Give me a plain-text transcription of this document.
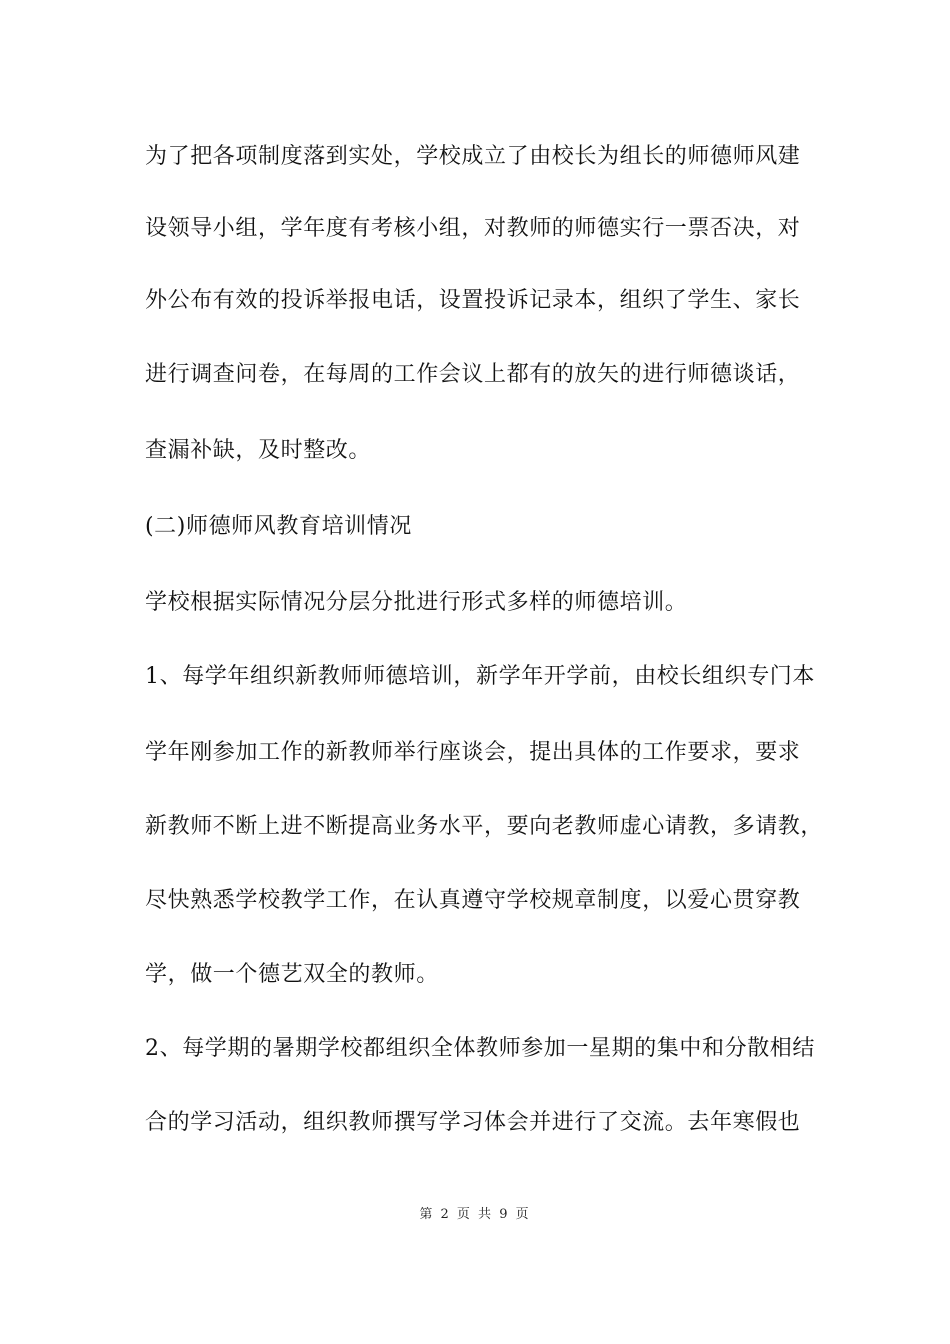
为了把各项制度落到实处，学校成立了由校长为组长的师德师风建
设领导小组，学年度有考核小组，对教师的师德实行一票否决，对
外公布有效的投诉举报电话，设置投诉记录本，组织了学生、家长
进行调查问卷，在每周的工作会议上都有的放矢的进行师德谈话，
查漏补缺，及时整改。
(二)师德师风教育培训情况
学校根据实际情况分层分批进行形式多样的师德培训。
1、每学年组织新教师师德培训，新学年开学前，由校长组织专门本
学年刚参加工作的新教师举行座谈会，提出具体的工作要求，要求
新教师不断上进不断提高业务水平，要向老教师虚心请教，多请教，
尽快熟悉学校教学工作，在认真遵守学校规章制度，以爱心贯穿教
学，做一个德艺双全的教师。
2、每学期的暑期学校都组织全体教师参加一星期的集中和分散相结
合的学习活动，组织教师撰写学习体会并进行了交流。去年寒假也
第 2 页 共 9 页
